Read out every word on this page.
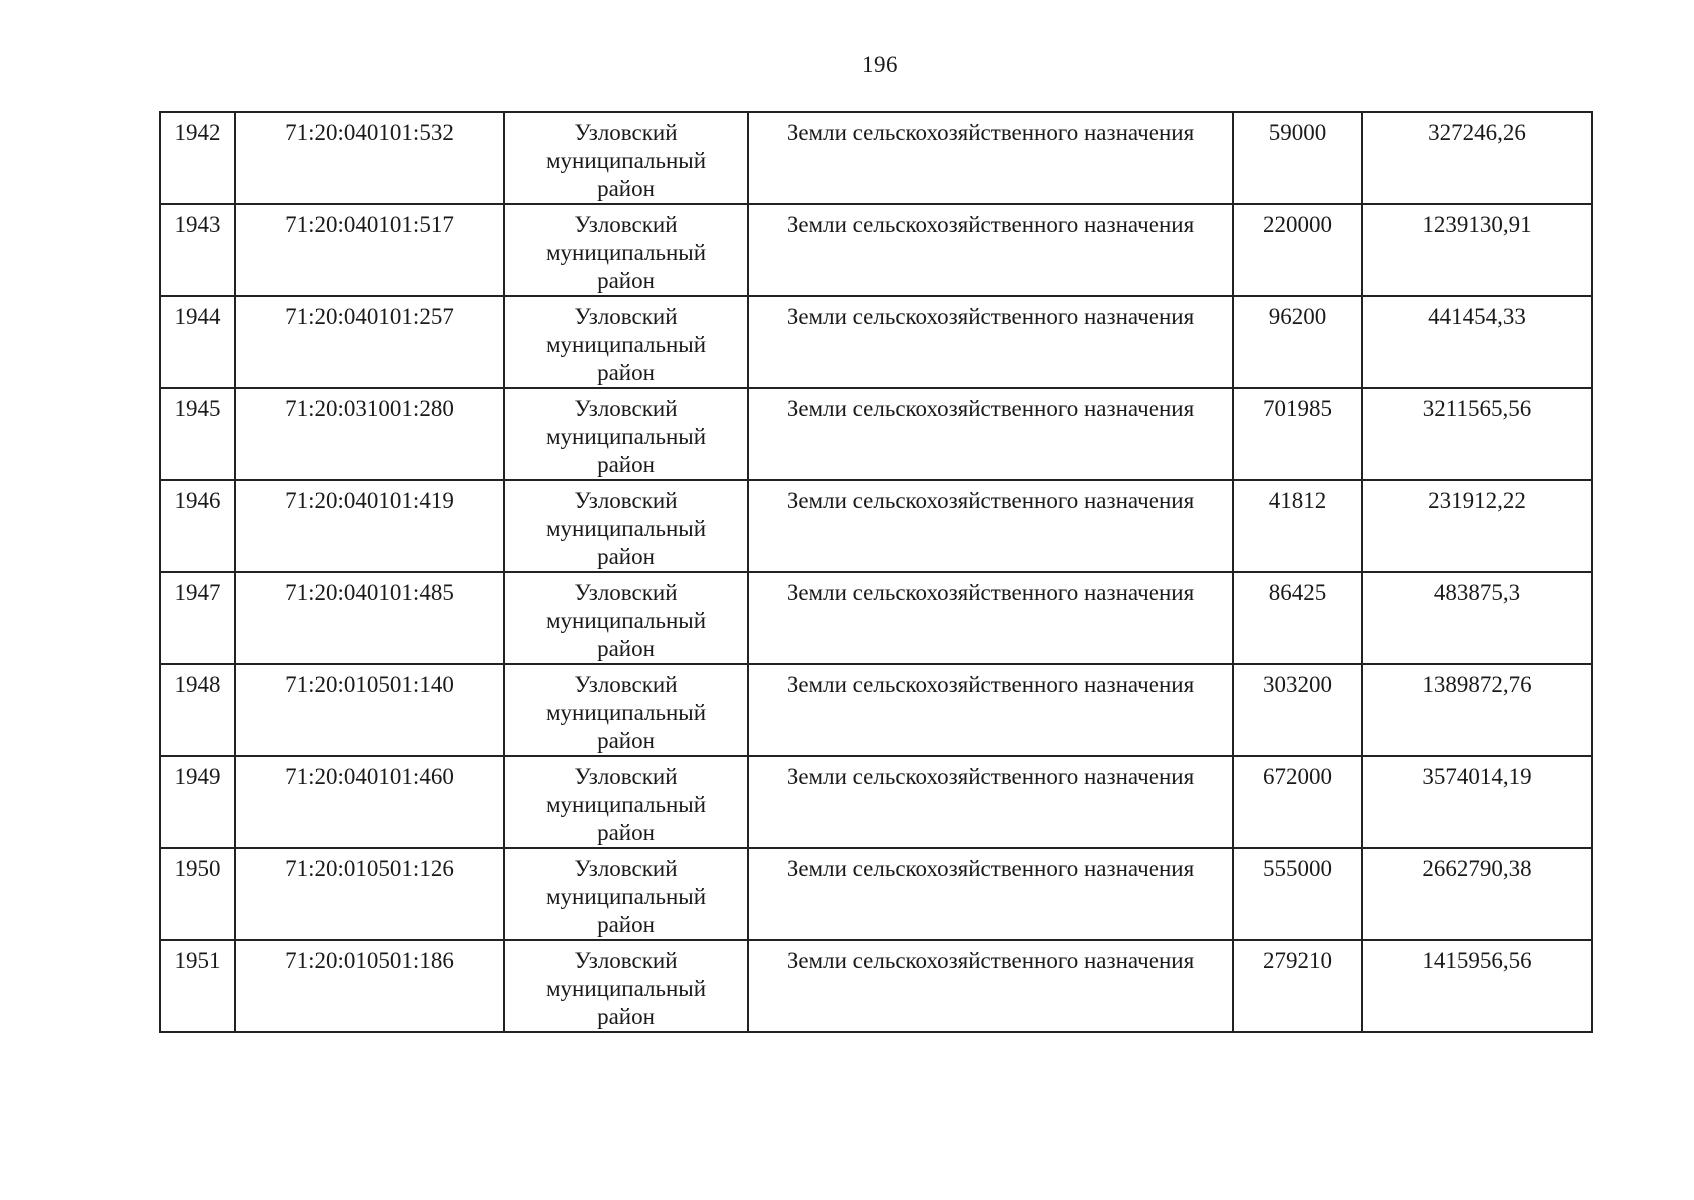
196
1942	71:20:040101:532	Узловский
муниципальный
район	Земли сельскохозяйственного назначения	59000	327246,26
1943	71:20:040101:517	Узловский
муниципальный
район	Земли сельскохозяйственного назначения	220000	1239130,91
1944	71:20:040101:257	Узловский
муниципальный
район	Земли сельскохозяйственного назначения	96200	441454,33
1945	71:20:031001:280	Узловский
муниципальный
район	Земли сельскохозяйственного назначения	701985	3211565,56
1946	71:20:040101:419	Узловский
муниципальный
район	Земли сельскохозяйственного назначения	41812	231912,22
1947	71:20:040101:485	Узловский
муниципальный
район	Земли сельскохозяйственного назначения	86425	483875,3
1948	71:20:010501:140	Узловский
муниципальный
район	Земли сельскохозяйственного назначения	303200	1389872,76
1949	71:20:040101:460	Узловский
муниципальный
район	Земли сельскохозяйственного назначения	672000	3574014,19
1950	71:20:010501:126	Узловский
муниципальный
район	Земли сельскохозяйственного назначения	555000	2662790,38
1951	71:20:010501:186	Узловский
муниципальный
район	Земли сельскохозяйственного назначения	279210	1415956,56
